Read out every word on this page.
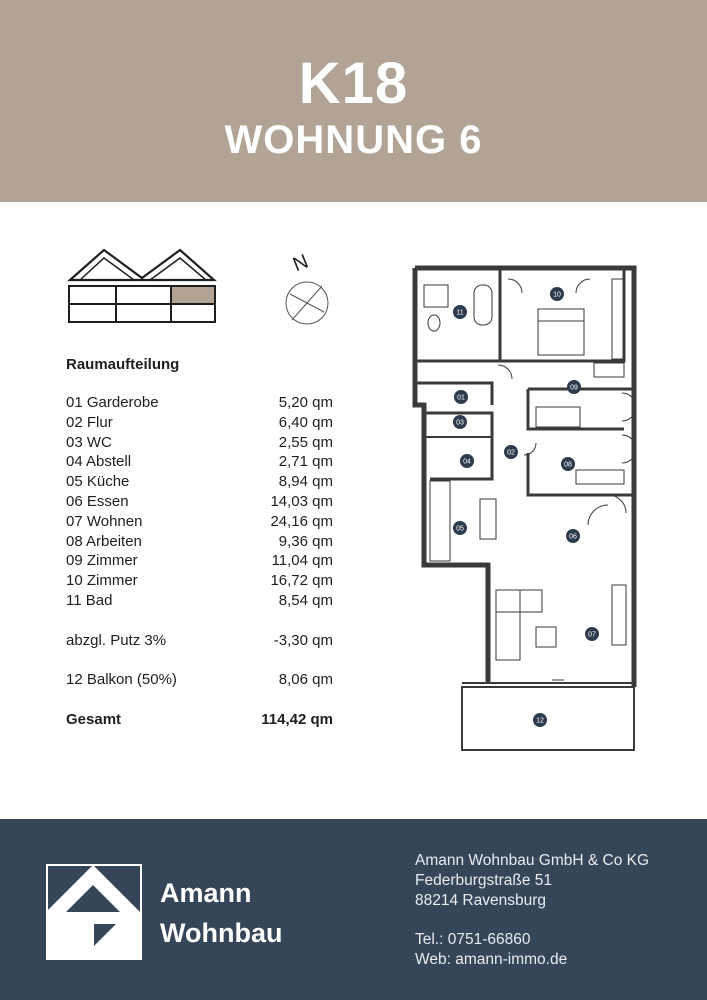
K18
WOHNUNG 6
N
Raumaufteilung
01 Garderobe	5,20 qm
02 Flur	6,40 qm
03 WC	2,55 qm
04 Abstell	2,71 qm
05 Küche	8,94 qm
06 Essen	14,03 qm
07 Wohnen	24,16 qm
08 Arbeiten	9,36 qm
09 Zimmer	11,04 qm
10 Zimmer	16,72 qm
11 Bad	8,54 qm
abzgl. Putz 3%	-3,30 qm
12 Balkon (50%)	8,06 qm
Gesamt	114,42 qm
01
02
03
04
05
06
07
08
09
10
11
12
Amann
Wohnbau
Amann Wohnbau GmbH & Co KG
Federburgstraße 51
88214 Ravensburg
Tel.: 0751-66860
Web: amann-immo.de
